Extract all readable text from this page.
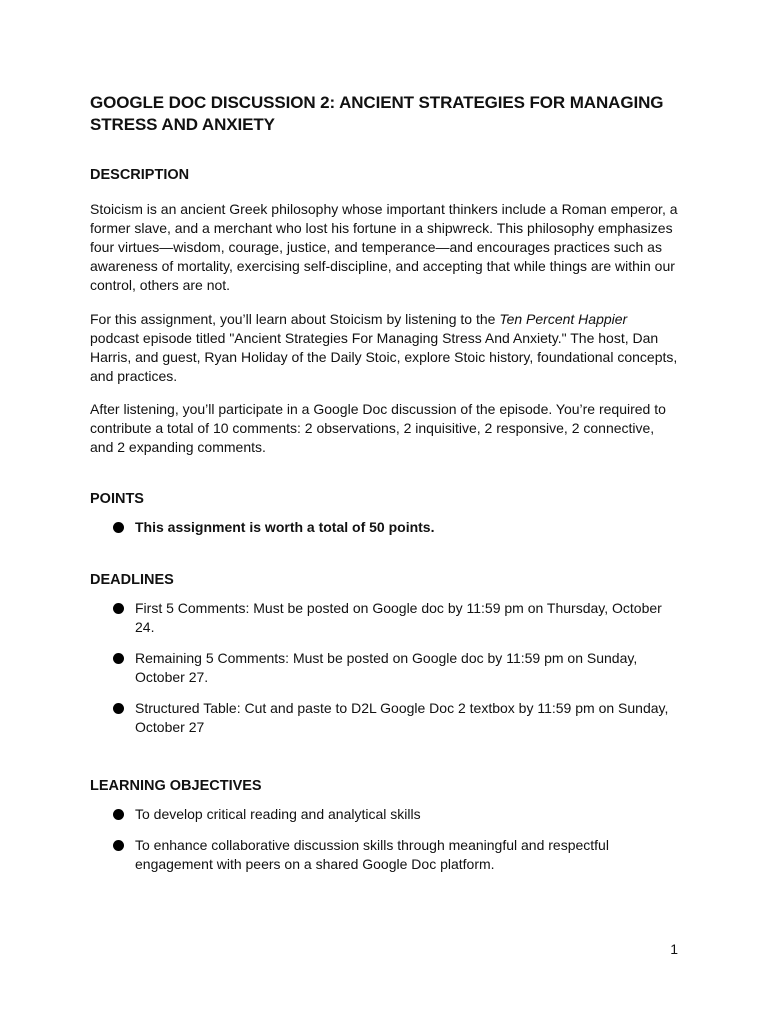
GOOGLE DOC DISCUSSION 2: ANCIENT STRATEGIES FOR MANAGING STRESS AND ANXIETY
DESCRIPTION

Stoicism is an ancient Greek philosophy whose important thinkers include a Roman emperor, a former slave, and a merchant who lost his fortune in a shipwreck. This philosophy emphasizes four virtues—wisdom, courage, justice, and temperance—and encourages practices such as awareness of mortality, exercising self-discipline, and accepting that while things are within our control, others are not.

For this assignment, you’ll learn about Stoicism by listening to the Ten Percent Happier podcast episode titled "Ancient Strategies For Managing Stress And Anxiety." The host, Dan Harris, and guest, Ryan Holiday of the Daily Stoic, explore Stoic history, foundational concepts, and practices.

After listening, you’ll participate in a Google Doc discussion of the episode. You’re required to contribute a total of 10 comments: 2 observations, 2 inquisitive, 2 responsive, 2 connective, and 2 expanding comments.

POINTS
This assignment is worth a total of 50 points.
DEADLINES
First 5 Comments: Must be posted on Google doc by 11:59 pm on Thursday, October 24.
Remaining 5 Comments: Must be posted on Google doc by 11:59 pm on Sunday, October 27.
Structured Table: Cut and paste to D2L Google Doc 2 textbox by 11:59 pm on Sunday, October 27
LEARNING OBJECTIVES
To develop critical reading and analytical skills
To enhance collaborative discussion skills through meaningful and respectful engagement with peers on a shared Google Doc platform.
1
